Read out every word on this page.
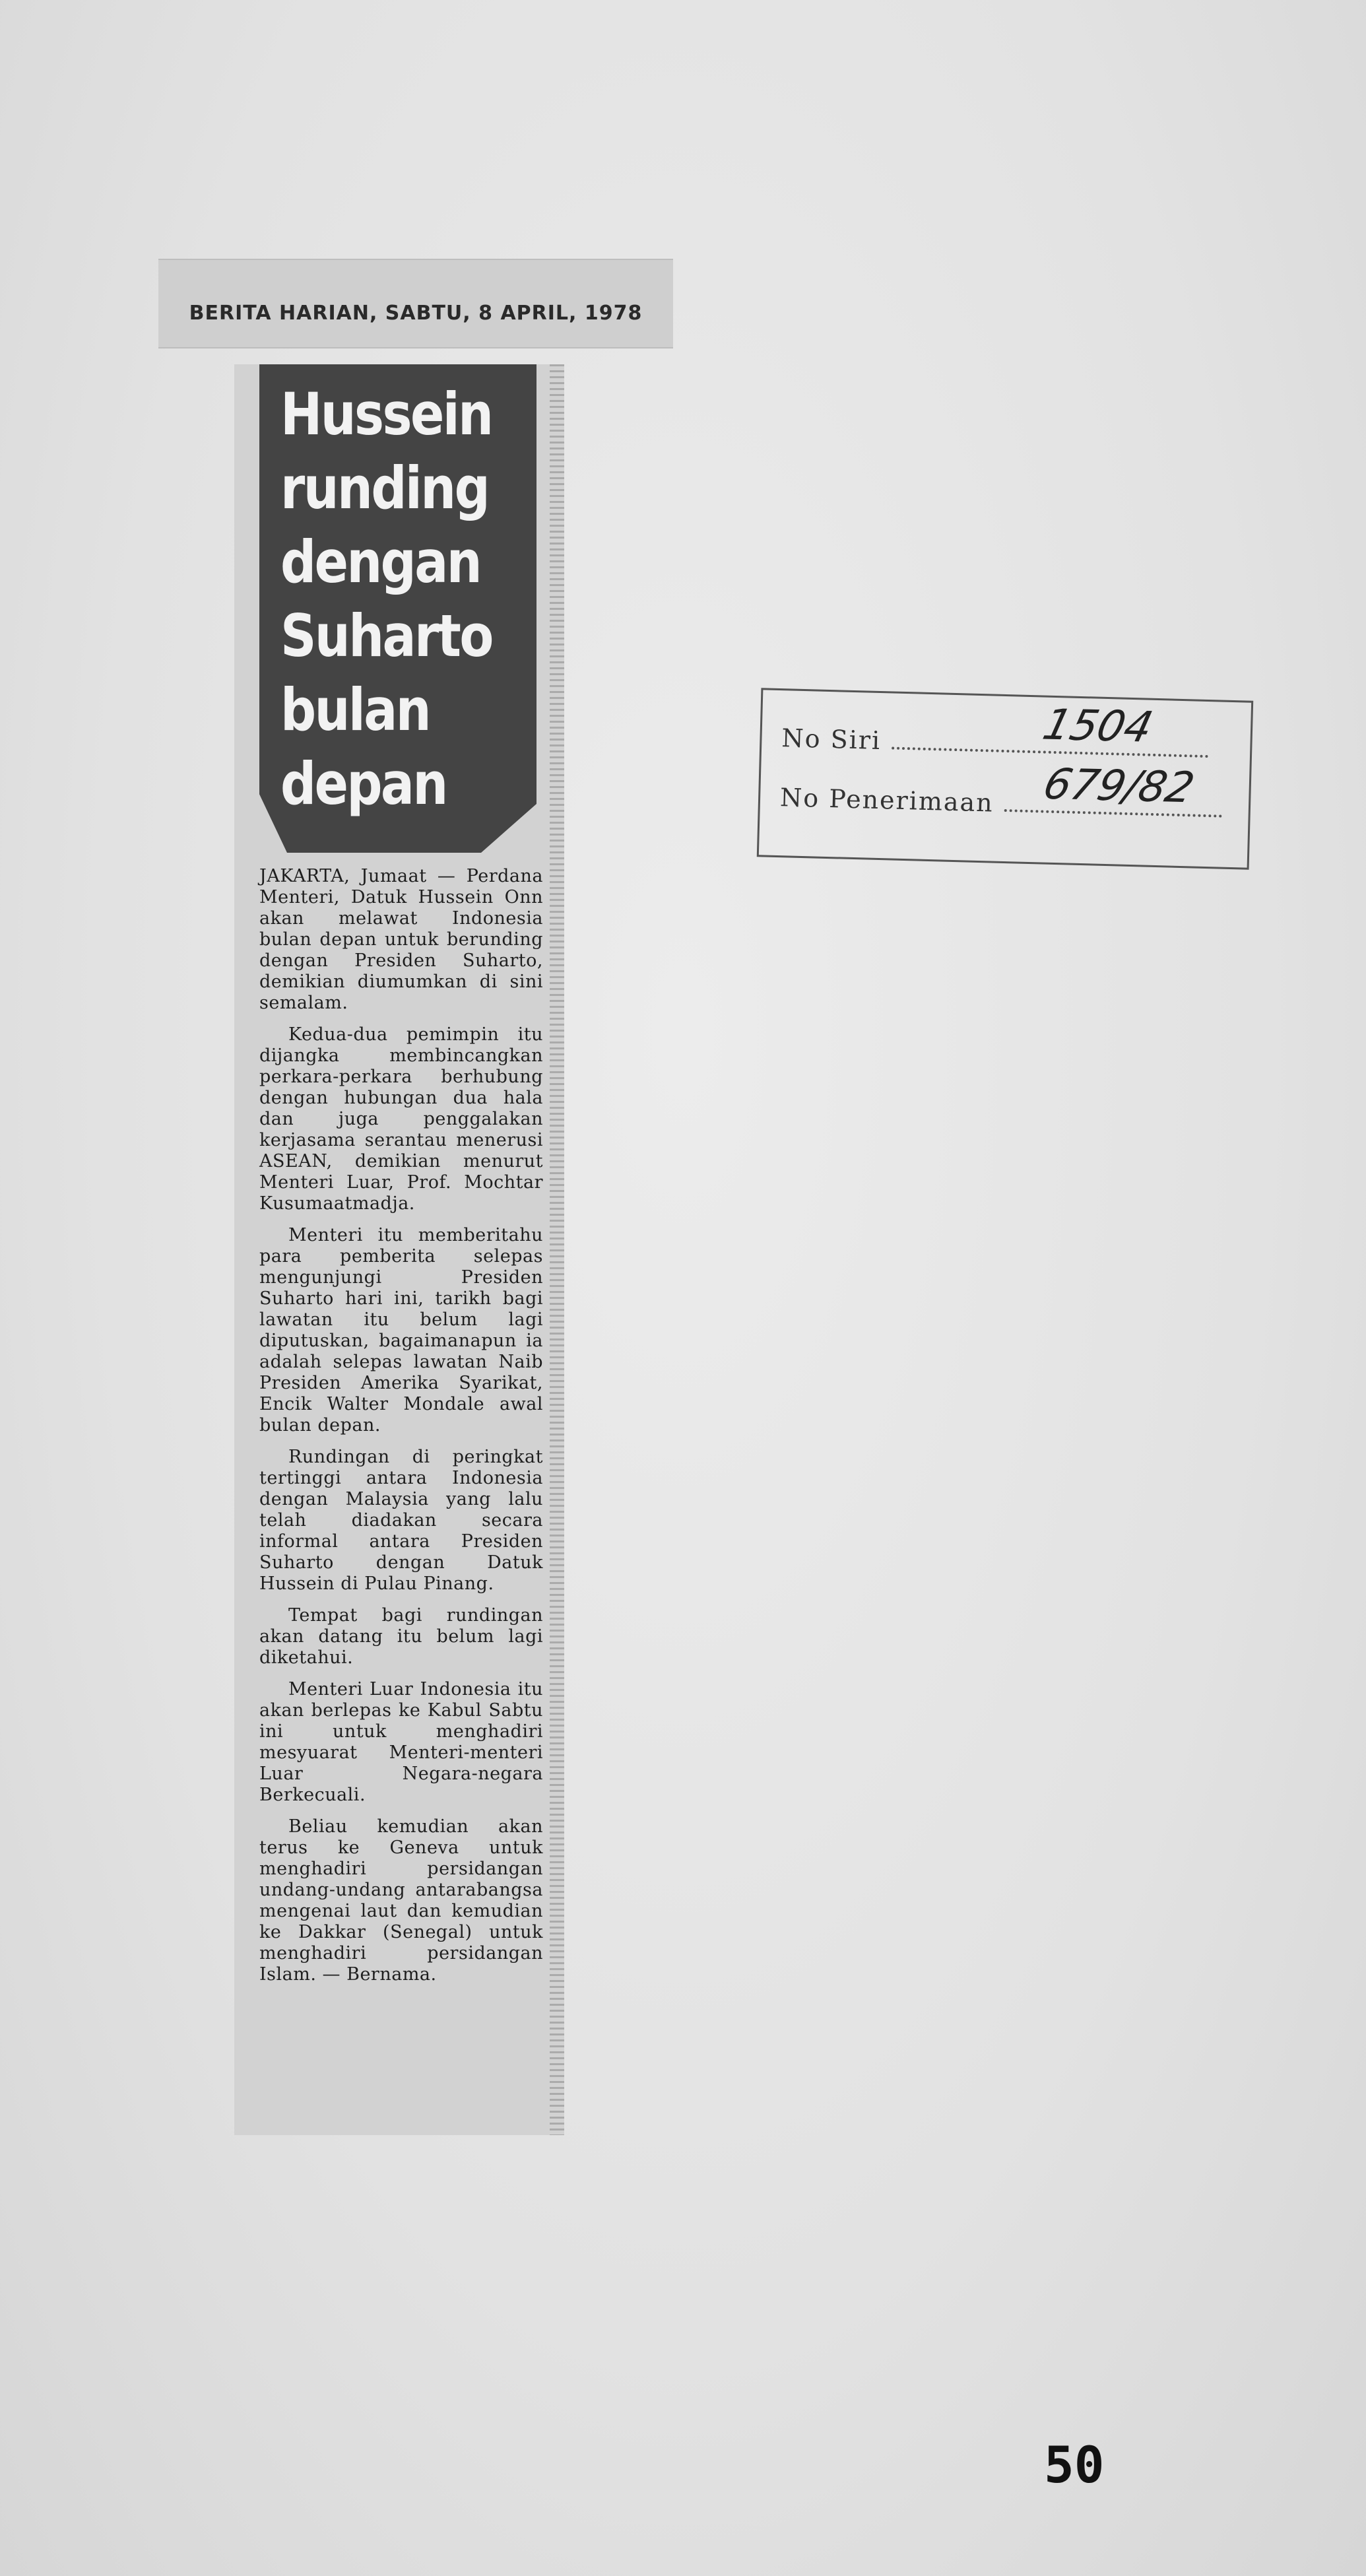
BERITA HARIAN, SABTU, 8 APRIL, 1978
Hussein
runding
dengan
Suharto
bulan
depan

JAKARTA, Jumaat — Perdana Menteri, Datuk Hussein Onn akan melawat Indonesia bulan depan untuk berunding dengan Presiden Suharto, demikian diumumkan di sini semalam.

Kedua-dua pemimpin itu dijangka membincangkan perkara-perkara berhubung dengan hubungan dua hala dan juga penggalakan kerjasama serantau menerusi ASEAN, demikian menurut Menteri Luar, Prof. Mochtar Kusumaatmadja.

Menteri itu memberitahu para pemberita selepas mengunjungi Presiden Suharto hari ini, tarikh bagi lawatan itu belum lagi diputuskan, bagaimanapun ia adalah selepas lawatan Naib Presiden Amerika Syarikat, Encik Walter Mondale awal bulan depan.

Rundingan di peringkat tertinggi antara Indonesia dengan Malaysia yang lalu telah diadakan secara informal antara Presiden Suharto dengan Datuk Hussein di Pulau Pinang.

Tempat bagi rundingan akan datang itu belum lagi diketahui.

Menteri Luar Indonesia itu akan berlepas ke Kabul Sabtu ini untuk menghadiri mesyuarat Menteri-menteri Luar Negara-negara Berkecuali.

Beliau kemudian akan terus ke Geneva untuk menghadiri persidangan undang-undang antarabangsa mengenai laut dan kemudian ke Dakkar (Senegal) untuk menghadiri persidangan Islam. — Bernama.

No Siri	1504
No Penerimaan 679/82
50
